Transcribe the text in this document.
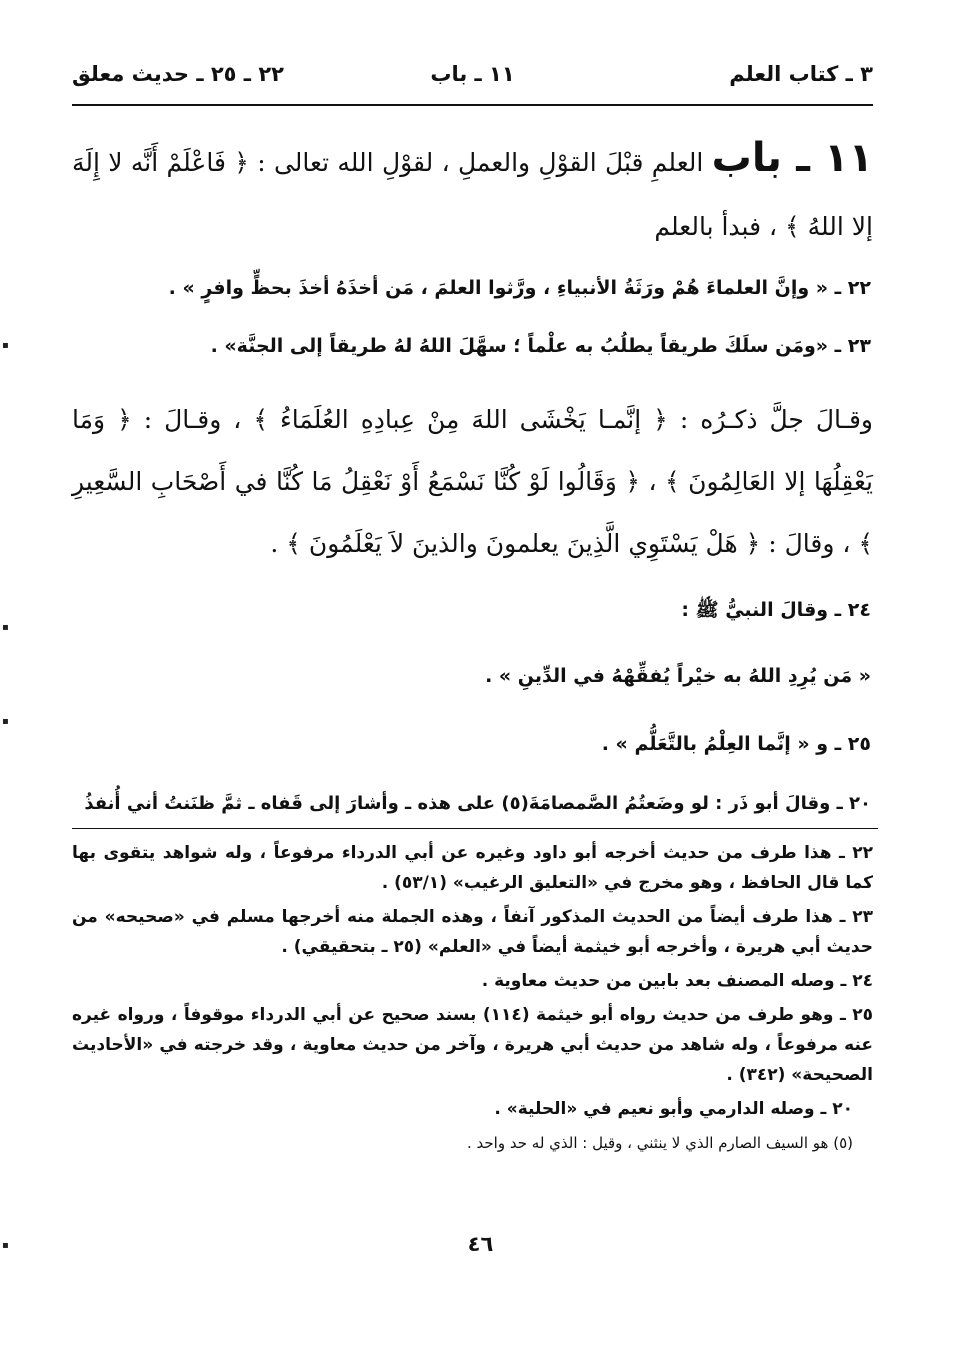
٣ ـ كتاب العلم
١١ ـ باب
٢٢ ـ ٢٥ ـ حديث معلق

١١ ـ باب العلمِ قبْلَ القوْلِ والعملِ ، لقوْلِ الله تعالى : ﴿ فَاعْلَمْ أَنَّه لا إِلَهَ إلا اللهُ ﴾ ، فبدأ بالعلم

٢٢ ـ « وإنَّ العلماءَ هُمْ ورَثَةُ الأنبياءِ ، ورَّثوا العلمَ ، مَن أخذَهُ أخذَ بحظٍّ وافرٍ » .

٢٣ ـ «ومَن سلَكَ طريقاً يطلُبُ به علْماً ؛ سهَّلَ اللهُ لهُ طريقاً إلى الجنَّة» .

وقـالَ جلَّ ذكـرُه : ﴿ إنَّمـا يَخْشَى اللهَ مِنْ عِبادِهِ العُلَمَاءُ ﴾ ، وقـالَ : ﴿ وَمَا يَعْقِلُهَا إلا العَالِمُونَ ﴾ ، ﴿ وَقَالُوا لَوْ كُنَّا نَسْمَعُ أَوْ نَعْقِلُ مَا كُنَّا في أَصْحَابِ السَّعِيرِ ﴾ ، وقالَ : ﴿ هَلْ يَسْتَوِي الَّذِينَ يعلمونَ والذينَ لاَ يَعْلَمُونَ ﴾ .

٢٤ ـ وقالَ النبيُّ ﷺ :

« مَن يُرِدِ اللهُ به خيْراً يُفقِّهْهُ في الدِّينِ » .

٢٥ ـ و « إنَّما العِلْمُ بالتَّعَلُّم » .

٢٠ ـ وقالَ أبو ذَر : لو وضَعتُمُ الصَّمصامَةَ(٥) على هذه ـ وأشارَ إلى قَفاه ـ ثمَّ ظنَنتُ أني أُنفذُ

٢٢ ـ هذا طرف من حديث أخرجه أبو داود وغيره عن أبي الدرداء مرفوعاً ، وله شواهد يتقوى بها كما قال الحافظ ، وهو مخرج في «التعليق الرغيب» (٥٣/١) .

٢٣ ـ هذا طرف أيضاً من الحديث المذكور آنفاً ، وهذه الجملة منه أخرجها مسلم في «صحيحه» من حديث أبي هريرة ، وأخرجه أبو خيثمة أيضاً في «العلم» (٢٥ ـ بتحقيقي) .

٢٤ ـ وصله المصنف بعد بابين من حديث معاوية .

٢٥ ـ وهو طرف من حديث رواه أبو خيثمة (١١٤) بسند صحيح عن أبي الدرداء موقوفاً ، ورواه غيره عنه مرفوعاً ، وله شاهد من حديث أبي هريرة ، وآخر من حديث معاوية ، وقد خرجته في «الأحاديث الصحيحة» (٣٤٢) .

٢٠ ـ وصله الدارمي وأبو نعيم في «الحلية» .

(٥) هو السيف الصارم الذي لا ينثني ، وقيل : الذي له حد واحد .

٤٦
▪
▪
▪
▪
